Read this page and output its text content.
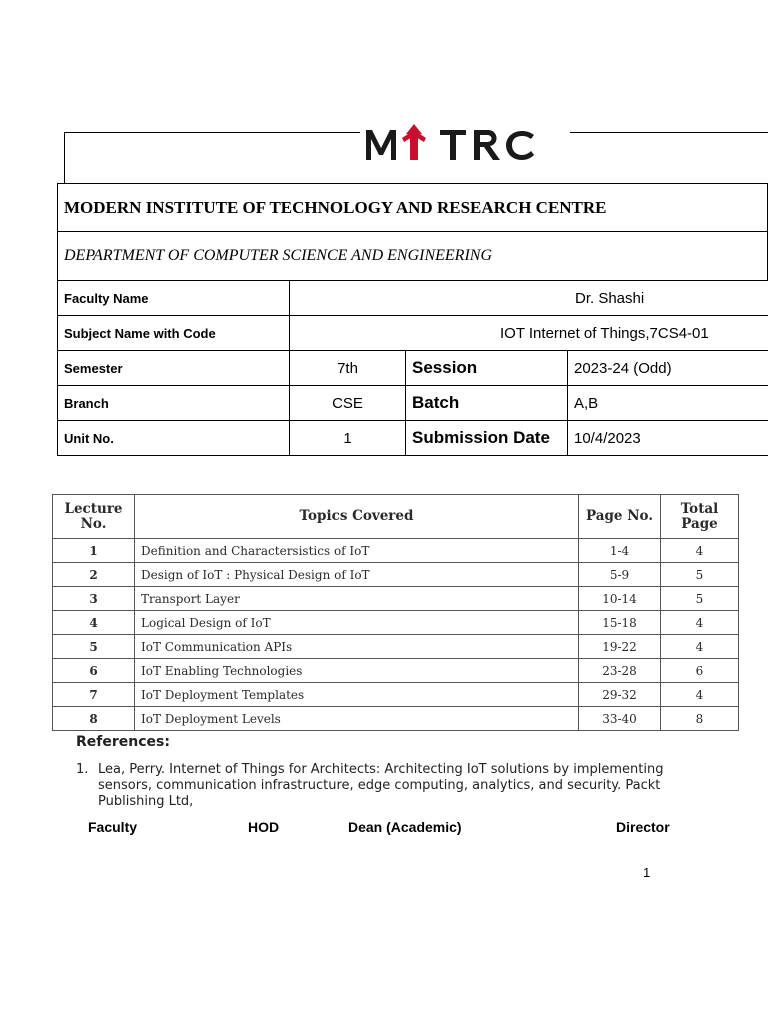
MODERN INSTITUTE OF TECHNOLOGY AND RESEARCH CENTRE
DEPARTMENT OF COMPUTER SCIENCE AND ENGINEERING
Faculty Name	Dr. Shashi		
Subject Name with Code	IOT Internet of Things,7CS4-01		
Semester	7th	Session	2023-24 (Odd)
Branch	CSE	Batch	A,B
Unit No.	1	Submission Date	10/4/2023
Lecture No.	Topics Covered	Page No.	Total Page
1	Definition and Charactersistics of IoT	1-4	4
2	Design of IoT : Physical Design of IoT	5-9	5
3	Transport Layer	10-14	5
4	Logical Design of IoT	15-18	4
5	IoT Communication APIs	19-22	4
6	IoT Enabling Technologies	23-28	6
7	IoT Deployment Templates	29-32	4
8	IoT Deployment Levels	33-40	8
References:
1. Lea, Perry. Internet of Things for Architects: Architecting IoT solutions by implementing sensors, communication infrastructure, edge computing, analytics, and security. Packt Publishing Ltd,
Faculty	HOD	Dean (Academic)	Director
1
